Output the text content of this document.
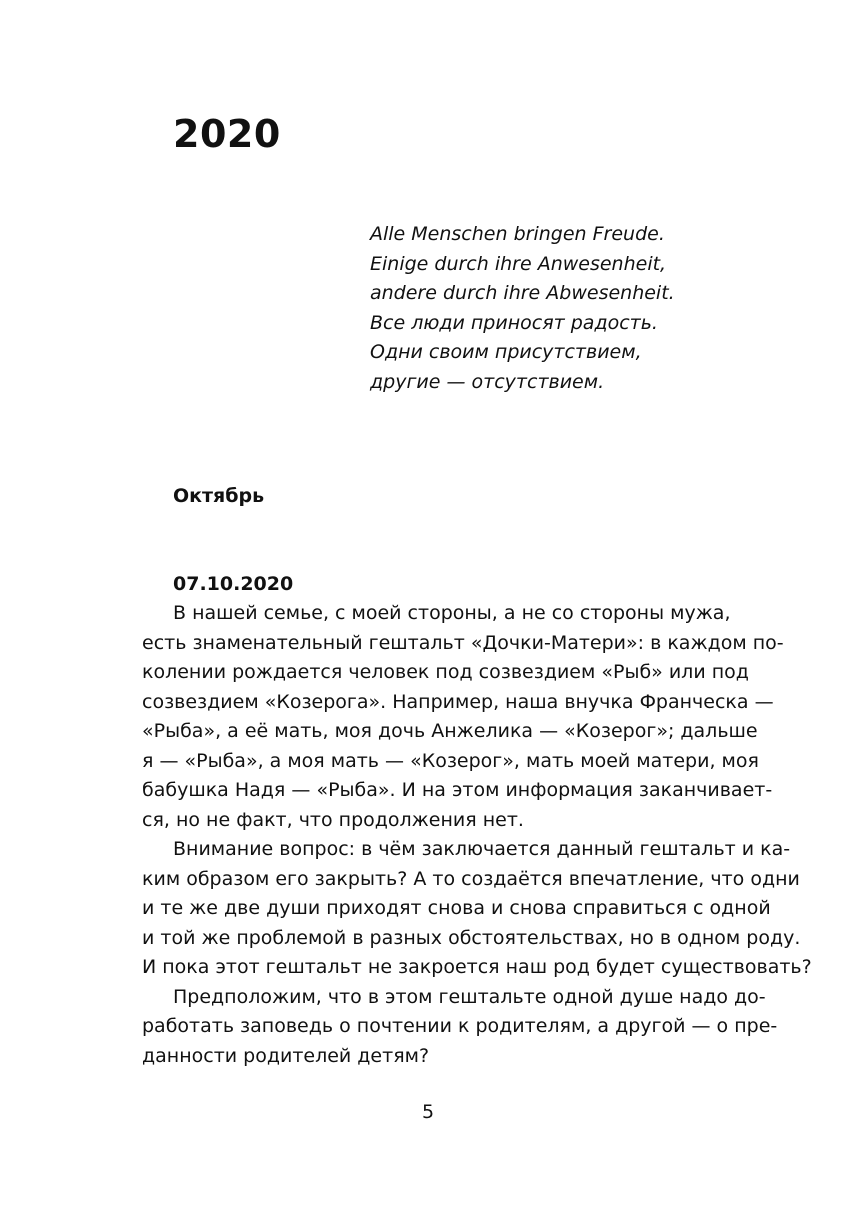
2020
Alle Menschen bringen Freude.
Einige durch ihre Anwesenheit,
andere durch ihre Abwesenheit.
Все люди приносят радость.
Одни своим присутствием,
другие — отсутствием.
Октябрь
07.10.2020
В нашей семье, с моей стороны, а не со стороны мужа,
есть знаменательный гештальт «Дочки-Матери»: в каждом по-
колении рождается человек под созвездием «Рыб» или под
созвездием «Козерога». Например, наша внучка Франческа —
«Рыба», а её мать, моя дочь Анжелика — «Козерог»; дальше
я — «Рыба», а моя мать — «Козерог», мать моей матери, моя
бабушка Надя — «Рыба». И на этом информация заканчивает-
ся, но не факт, что продолжения нет.
Внимание вопрос: в чём заключается данный гештальт и ка-
ким образом его закрыть? А то создаётся впечатление, что одни
и те же две души приходят снова и снова справиться с одной
и той же проблемой в разных обстоятельствах, но в одном роду.
И пока этот гештальт не закроется наш род будет существовать?
Предположим, что в этом гештальте одной душе надо до-
работать заповедь о почтении к родителям, а другой — о пре-
данности родителей детям?
5
